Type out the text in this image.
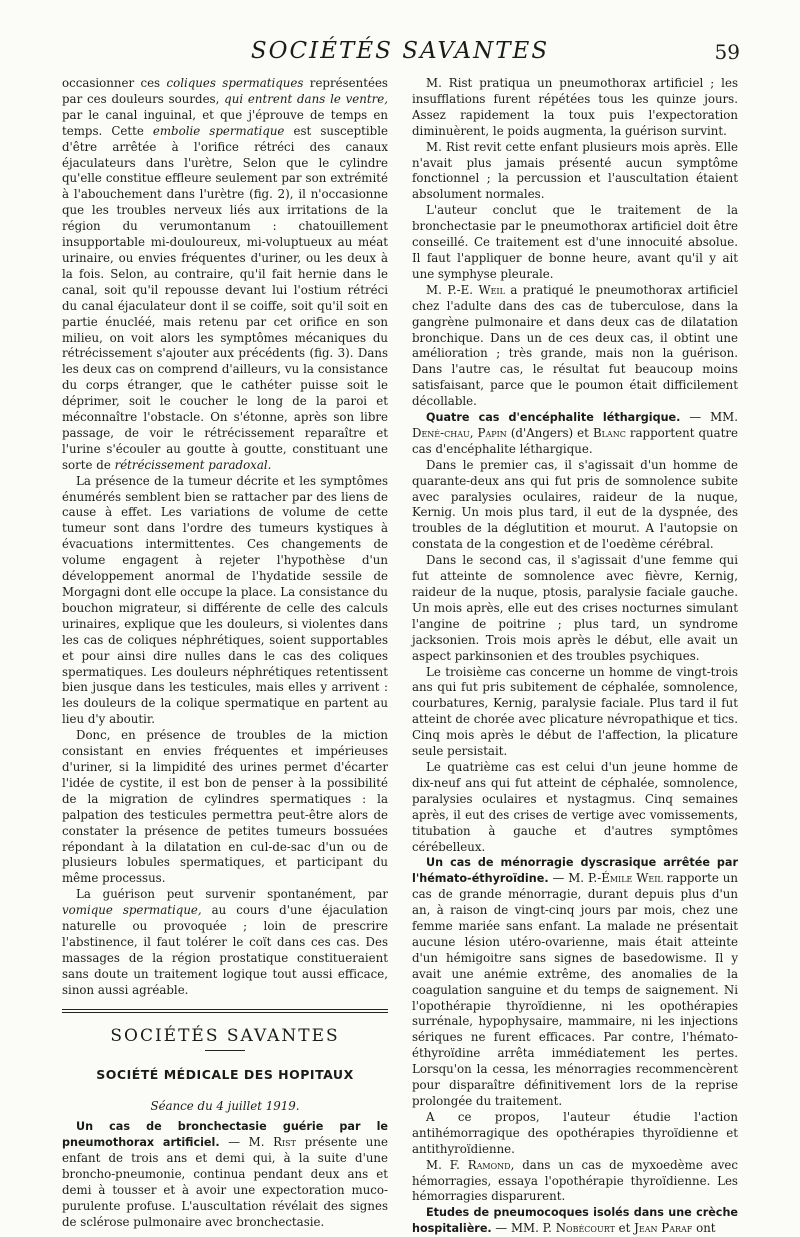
SOCIÉTÉS SAVANTES	59

occasionner ces coliques spermatiques représentées par ces douleurs sourdes, qui entrent dans le ventre, par le canal inguinal, et que j'éprouve de temps en temps. Cette embolie spermatique est susceptible d'être arrêtée à l'orifice rétréci des canaux éjaculateurs dans l'urètre, Selon que le cylindre qu'elle constitue effleure seulement par son extrémité à l'abouchement dans l'urètre (fig. 2), il n'occasionne que les troubles nerveux liés aux irritations de la région du verumontanum : chatouillement insupportable mi-douloureux, mi-voluptueux au méat urinaire, ou envies fréquentes d'uriner, ou les deux à la fois. Selon, au contraire, qu'il fait hernie dans le canal, soit qu'il repousse devant lui l'ostium rétréci du canal éjaculateur dont il se coiffe, soit qu'il soit en partie énucléé, mais retenu par cet orifice en son milieu, on voit alors les symptômes mécaniques du rétrécissement s'ajouter aux précédents (fig. 3). Dans les deux cas on comprend d'ailleurs, vu la consistance du corps étranger, que le cathéter puisse soit le déprimer, soit le coucher le long de la paroi et méconnaître l'obstacle. On s'étonne, après son libre passage, de voir le rétrécissement reparaître et l'urine s'écouler au goutte à goutte, constituant une sorte de rétrécissement paradoxal.

La présence de la tumeur décrite et les symptômes énumérés semblent bien se rattacher par des liens de cause à effet. Les variations de volume de cette tumeur sont dans l'ordre des tumeurs kystiques à évacuations intermittentes. Ces changements de volume engagent à rejeter l'hypothèse d'un développement anormal de l'hydatide sessile de Morgagni dont elle occupe la place. La consistance du bouchon migrateur, si différente de celle des calculs urinaires, explique que les douleurs, si violentes dans les cas de coliques néphrétiques, soient supportables et pour ainsi dire nulles dans le cas des coliques spermatiques. Les douleurs néphrétiques retentissent bien jusque dans les testicules, mais elles y arrivent : les douleurs de la colique spermatique en partent au lieu d'y aboutir.

Donc, en présence de troubles de la miction consistant en envies fréquentes et impérieuses d'uriner, si la limpidité des urines permet d'écarter l'idée de cystite, il est bon de penser à la possibilité de la migration de cylindres spermatiques : la palpation des testicules permettra peut-être alors de constater la présence de petites tumeurs bossuées répondant à la dilatation en cul-de-sac d'un ou de plusieurs lobules spermatiques, et participant du même processus.

La guérison peut survenir spontanément, par vomique spermatique, au cours d'une éjaculation naturelle ou provoquée ; loin de prescrire l'abstinence, il faut tolérer le coït dans ces cas. Des massages de la région prostatique constitueraient sans doute un traitement logique tout aussi efficace, sinon aussi agréable.

SOCIÉTÉS SAVANTES
SOCIÉTÉ MÉDICALE DES HOPITAUX
Séance du 4 juillet 1919.

Un cas de bronchectasie guérie par le pneumothorax artificiel. — M. Rist présente une enfant de trois ans et demi qui, à la suite d'une broncho-pneumonie, continua pendant deux ans et demi à tousser et à avoir une expectoration muco-purulente profuse. L'auscultation révélait des signes de sclérose pulmonaire avec bronchectasie.

M. Rist pratiqua un pneumothorax artificiel ; les insufflations furent répétées tous les quinze jours. Assez rapidement la toux puis l'expectoration diminuèrent, le poids augmenta, la guérison survint.

M. Rist revit cette enfant plusieurs mois après. Elle n'avait plus jamais présenté aucun symptôme fonctionnel ; la percussion et l'auscultation étaient absolument normales.

L'auteur conclut que le traitement de la bronchectasie par le pneumothorax artificiel doit être conseillé. Ce traitement est d'une innocuité absolue. Il faut l'appliquer de bonne heure, avant qu'il y ait une symphyse pleurale.

M. P.-E. Weil a pratiqué le pneumothorax artificiel chez l'adulte dans des cas de tuberculose, dans la gangrène pulmonaire et dans deux cas de dilatation bronchique. Dans un de ces deux cas, il obtint une amélioration ; très grande, mais non la guérison. Dans l'autre cas, le résultat fut beaucoup moins satisfaisant, parce que le poumon était difficilement décollable.

Quatre cas d'encéphalite léthargique. — MM. Dené-chau, Papin (d'Angers) et Blanc rapportent quatre cas d'encéphalite léthargique.

Dans le premier cas, il s'agissait d'un homme de quarante-deux ans qui fut pris de somnolence subite avec paralysies oculaires, raideur de la nuque, Kernig. Un mois plus tard, il eut de la dyspnée, des troubles de la déglutition et mourut. A l'autopsie on constata de la congestion et de l'oedème cérébral.

Dans le second cas, il s'agissait d'une femme qui fut atteinte de somnolence avec fièvre, Kernig, raideur de la nuque, ptosis, paralysie faciale gauche. Un mois après, elle eut des crises nocturnes simulant l'angine de poitrine ; plus tard, un syndrome jacksonien. Trois mois après le début, elle avait un aspect parkinsonien et des troubles psychiques.

Le troisième cas concerne un homme de vingt-trois ans qui fut pris subitement de céphalée, somnolence, courbatures, Kernig, paralysie faciale. Plus tard il fut atteint de chorée avec plicature névropathique et tics. Cinq mois après le début de l'affection, la plicature seule persistait.

Le quatrième cas est celui d'un jeune homme de dix-neuf ans qui fut atteint de céphalée, somnolence, paralysies oculaires et nystagmus. Cinq semaines après, il eut des crises de vertige avec vomissements, titubation à gauche et d'autres symptômes cérébelleux.

Un cas de ménorragie dyscrasique arrêtée par l'hémato-éthyroïdine. — M. P.-Émile Weil rapporte un cas de grande ménorragie, durant depuis plus d'un an, à raison de vingt-cinq jours par mois, chez une femme mariée sans enfant. La malade ne présentait aucune lésion utéro-ovarienne, mais était atteinte d'un hémigoitre sans signes de basedowisme. Il y avait une anémie extrême, des anomalies de la coagulation sanguine et du temps de saignement. Ni l'opothérapie thyroïdienne, ni les opothérapies surrénale, hypophysaire, mammaire, ni les injections sériques ne furent efficaces. Par contre, l'hémato-éthyroïdine arrêta immédiatement les pertes. Lorsqu'on la cessa, les ménorragies recommencèrent pour disparaître définitivement lors de la reprise prolongée du traitement.

A ce propos, l'auteur étudie l'action antihémorragique des opothérapies thyroïdienne et antithyroïdienne.

M. F. Ramond, dans un cas de myxoedème avec hémorragies, essaya l'opothérapie thyroïdienne. Les hémorragies disparurent.

Etudes de pneumocoques isolés dans une crèche hospitalière. — MM. P. Nobécourt et Jean Paraf ont
